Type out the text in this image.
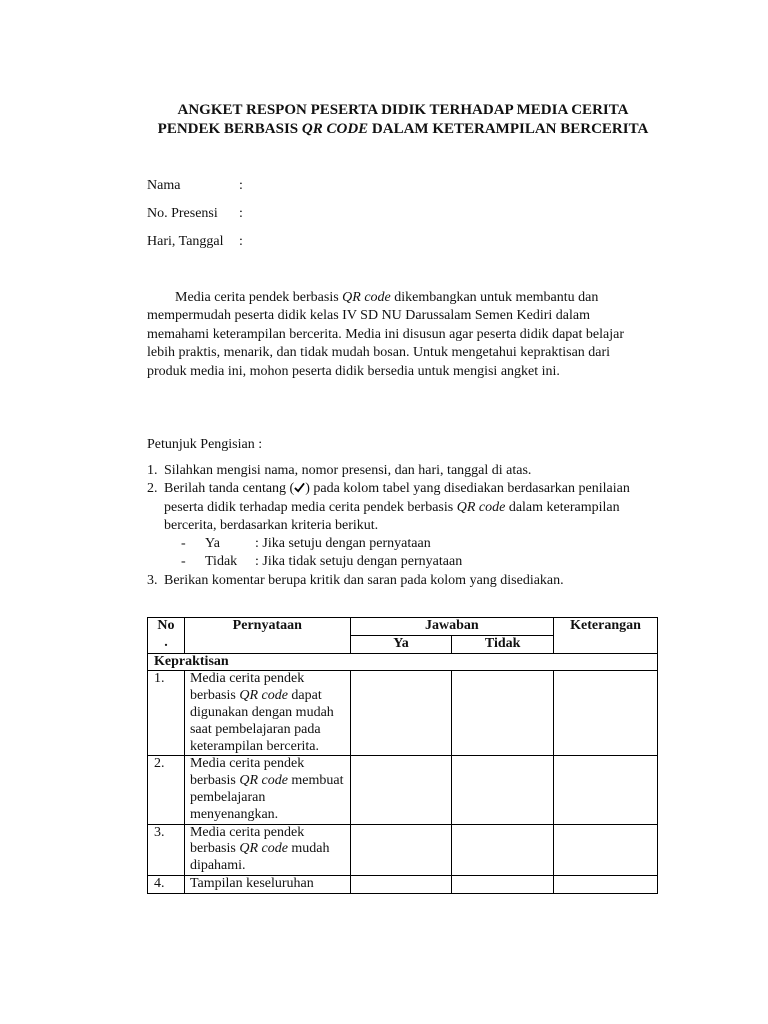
ANGKET RESPON PESERTA DIDIK TERHADAP MEDIA CERITA
PENDEK BERBASIS QR CODE DALAM KETERAMPILAN BERCERITA
Nama	:
No. Presensi :
Hari, Tanggal :
Media cerita pendek berbasis QR code dikembangkan untuk membantu dan mempermudah peserta didik kelas IV SD NU Darussalam Semen Kediri dalam memahami keterampilan bercerita. Media ini disusun agar peserta didik dapat belajar lebih praktis, menarik, dan tidak mudah bosan. Untuk mengetahui kepraktisan dari produk media ini, mohon peserta didik bersedia untuk mengisi angket ini.
Petunjuk Pengisian :
1. Silahkan mengisi nama, nomor presensi, dan hari, tanggal di atas.
2. Berilah tanda centang ( ) pada kolom tabel yang disediakan berdasarkan penilaian peserta didik terhadap media cerita pendek berbasis QR code dalam keterampilan bercerita, berdasarkan kriteria berikut.
- Ya	: Jika setuju dengan pernyataan
- Tidak : Jika tidak setuju dengan pernyataan
3. Berikan komentar berupa kritik dan saran pada kolom yang disediakan.
No
.	Pernyataan	Jawaban		Keterangan
		Ya	Tidak	
Kepraktisan				
1.	Media cerita pendek berbasis QR code dapat digunakan dengan mudah saat pembelajaran pada keterampilan bercerita.			
2.	Media cerita pendek berbasis QR code membuat pembelajaran menyenangkan.			
3.	Media cerita pendek berbasis QR code mudah dipahami.			
4.	Tampilan keseluruhan			
